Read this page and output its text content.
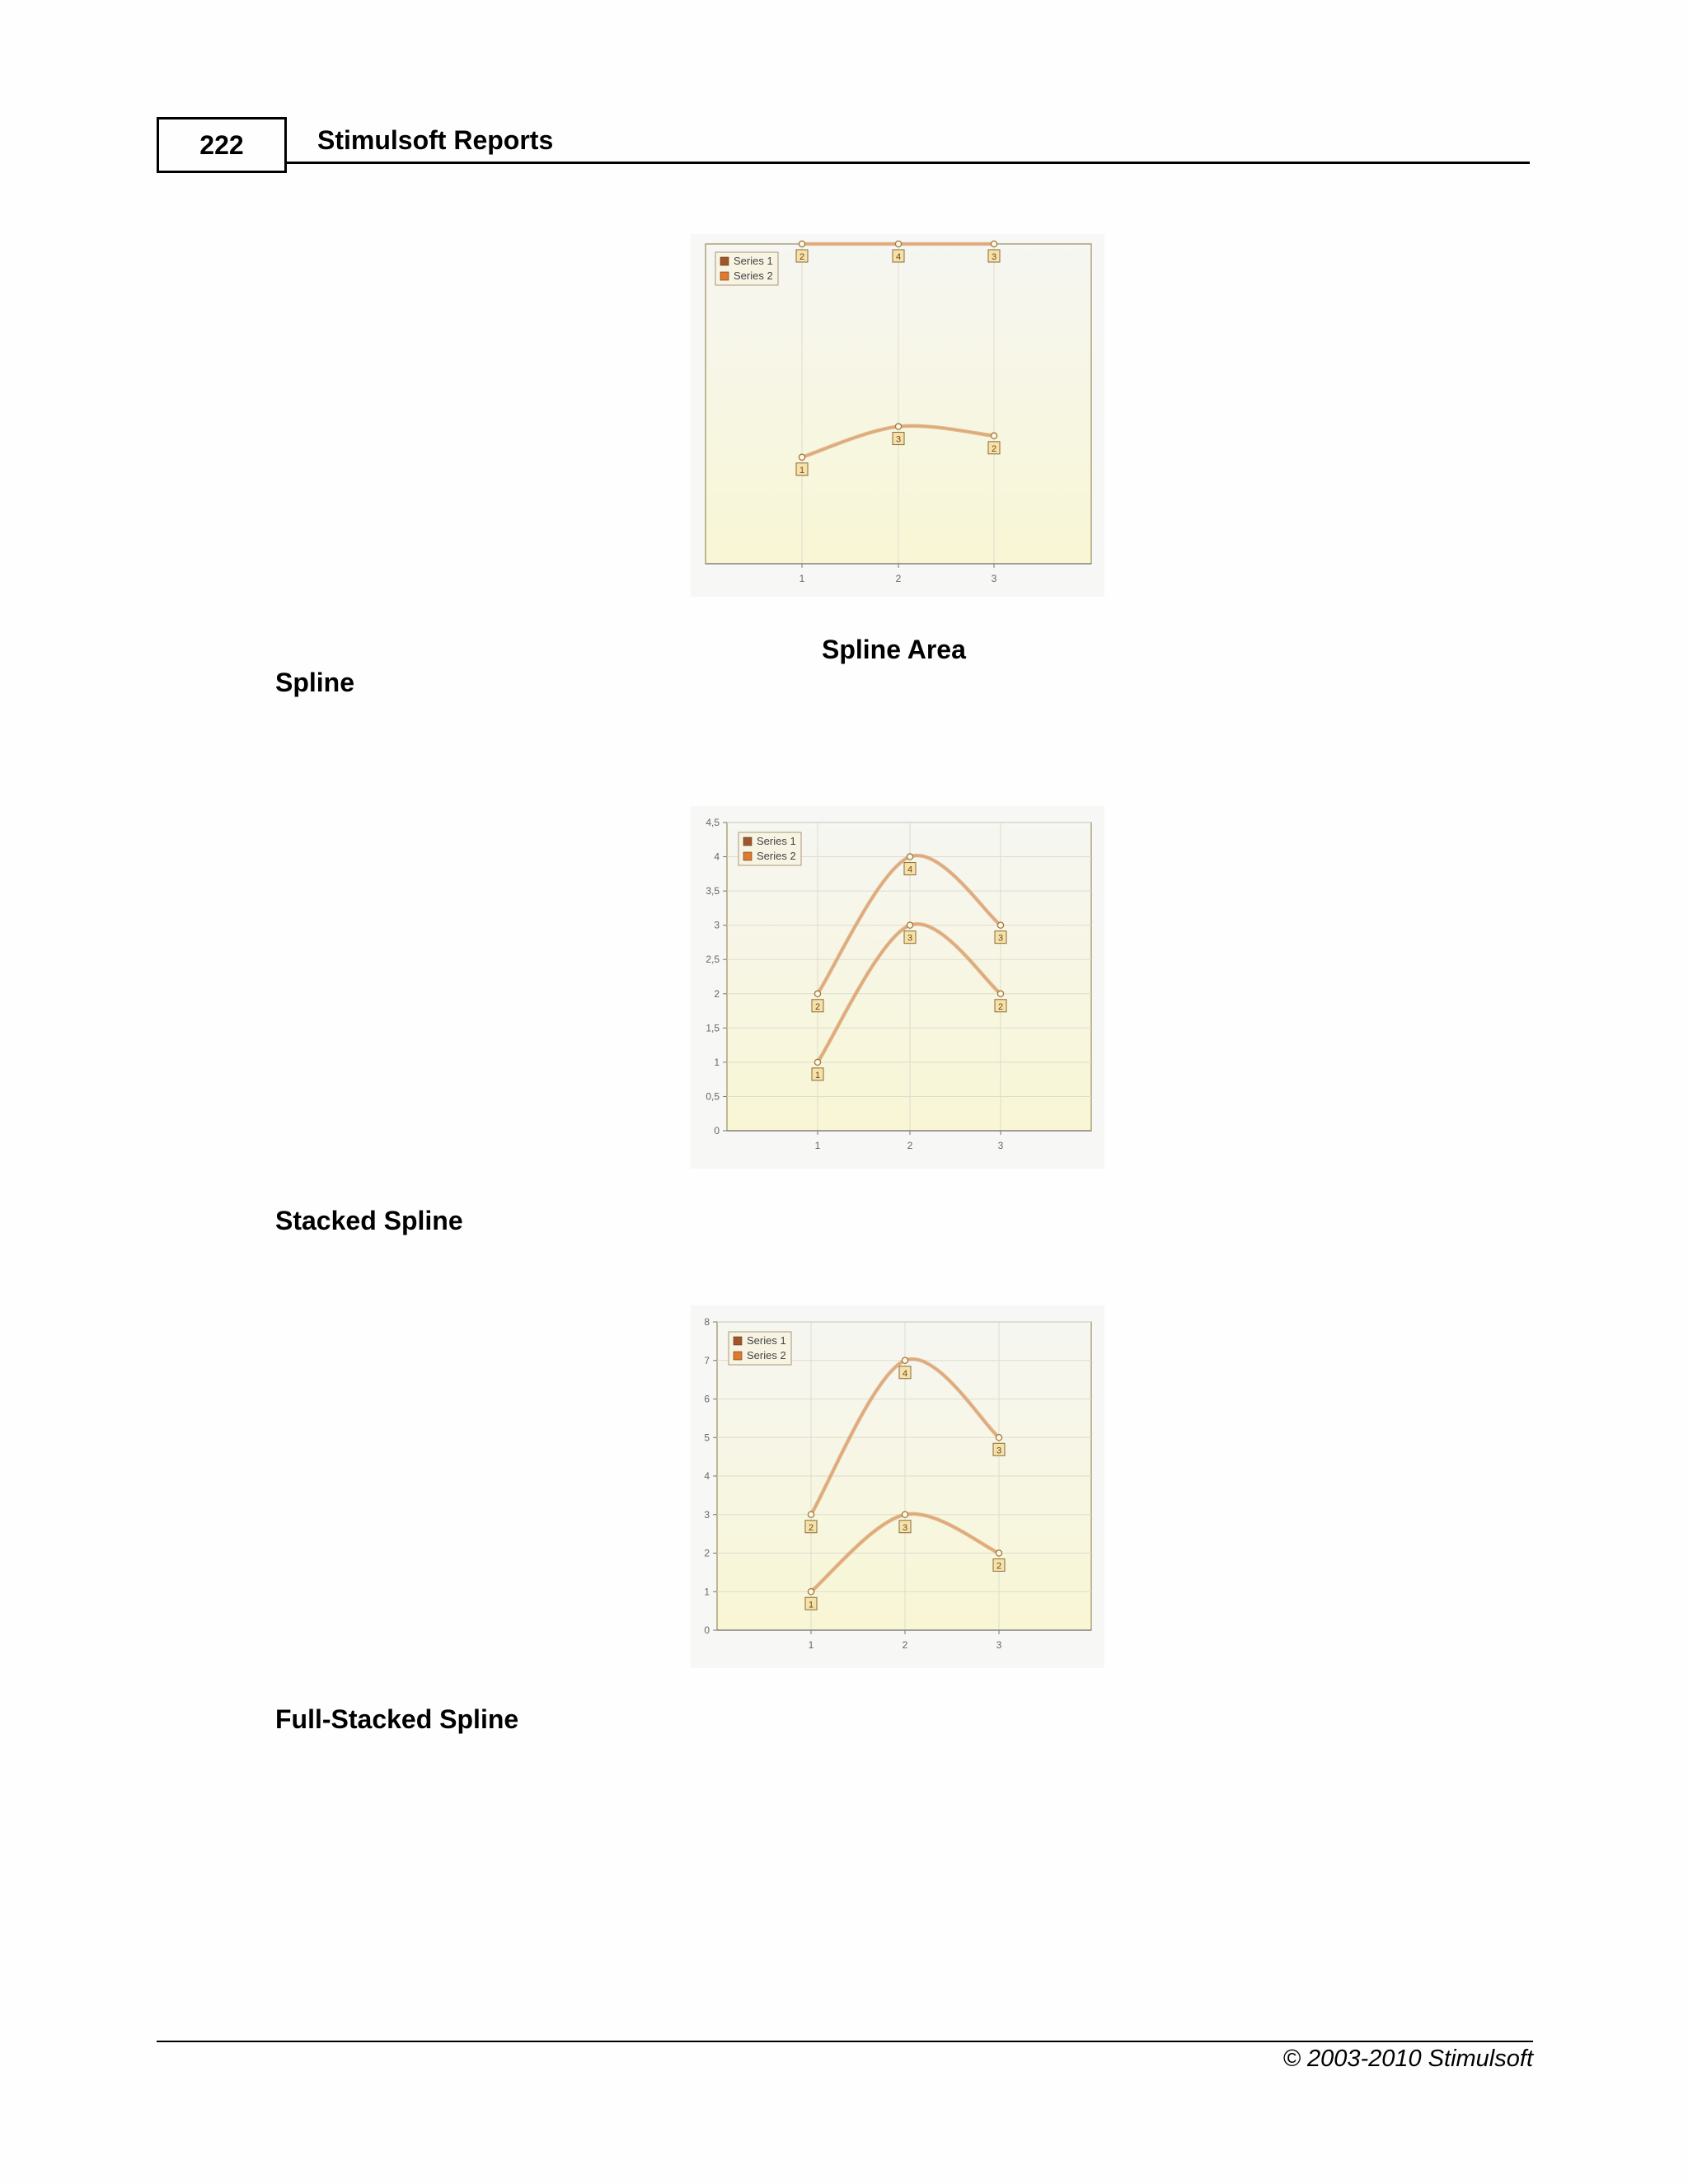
222	Stimulsoft Reports
1	2	3
1
3
2
2	4	3
Series 1
Series 2
Spline Area
Spline
0
0,5
1
1,5
2
2,5
3
3,5
4
4,5
1	2	3
1
3
2
2
4
3
Series 1
Series 2
Stacked Spline
0
1
2
3
4
5
6
7
8
1	2	3
1
3
2
2
4
3
Series 1
Series 2
Full-Stacked Spline
© 2003-2010 Stimulsoft
